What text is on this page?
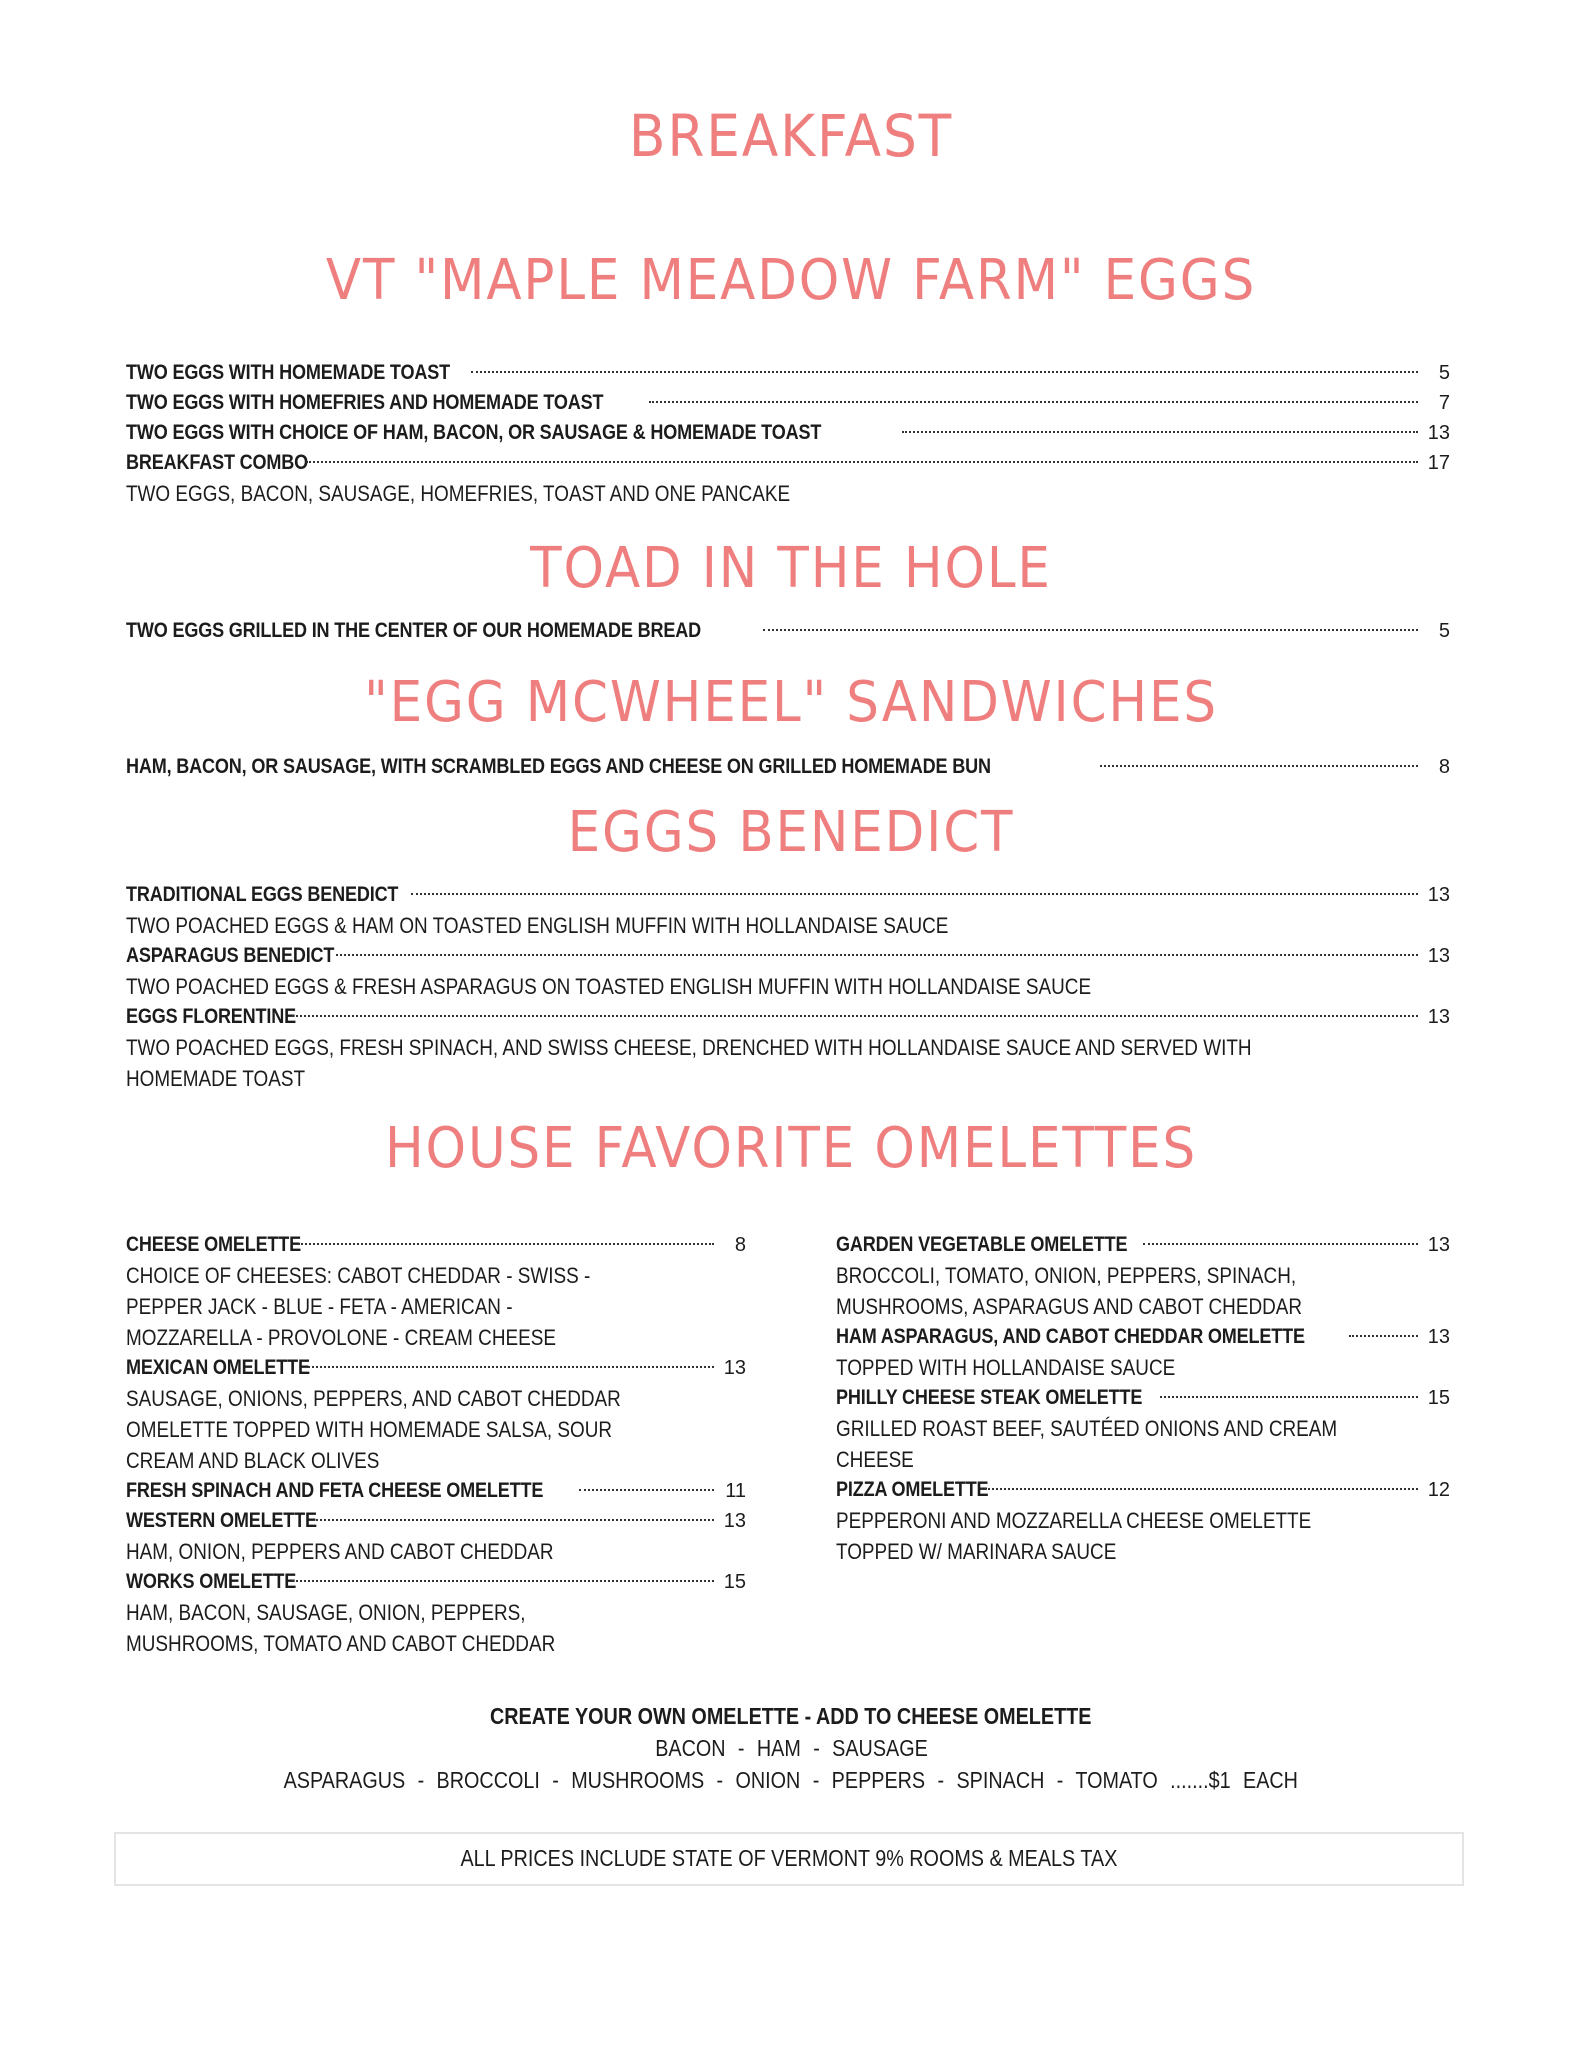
BREAKFAST
VT "MAPLE MEADOW FARM" EGGS
TWO EGGS WITH HOMEMADE TOAST	5
TWO EGGS WITH HOMEFRIES AND HOMEMADE TOAST	7
TWO EGGS WITH CHOICE OF HAM, BACON, OR SAUSAGE & HOMEMADE TOAST	13
BREAKFAST COMBO	17
TWO EGGS, BACON, SAUSAGE, HOMEFRIES, TOAST AND ONE PANCAKE
TOAD IN THE HOLE
TWO EGGS GRILLED IN THE CENTER OF OUR HOMEMADE BREAD	5
"EGG MCWHEEL" SANDWICHES
HAM, BACON, OR SAUSAGE, WITH SCRAMBLED EGGS AND CHEESE ON GRILLED HOMEMADE BUN	8
EGGS BENEDICT
TRADITIONAL EGGS BENEDICT	13
TWO POACHED EGGS & HAM ON TOASTED ENGLISH MUFFIN WITH HOLLANDAISE SAUCE
ASPARAGUS BENEDICT	13
TWO POACHED EGGS & FRESH ASPARAGUS ON TOASTED ENGLISH MUFFIN WITH HOLLANDAISE SAUCE
EGGS FLORENTINE	13
TWO POACHED EGGS, FRESH SPINACH, AND SWISS CHEESE, DRENCHED WITH HOLLANDAISE SAUCE AND SERVED WITH
HOMEMADE TOAST
HOUSE FAVORITE OMELETTES
CHEESE OMELETTE	8
CHOICE OF CHEESES: CABOT CHEDDAR - SWISS -
PEPPER JACK - BLUE - FETA - AMERICAN -
MOZZARELLA - PROVOLONE - CREAM CHEESE
MEXICAN OMELETTE	13
SAUSAGE, ONIONS, PEPPERS, AND CABOT CHEDDAR
OMELETTE TOPPED WITH HOMEMADE SALSA, SOUR
CREAM AND BLACK OLIVES
FRESH SPINACH AND FETA CHEESE OMELETTE	11
WESTERN OMELETTE	13
HAM, ONION, PEPPERS AND CABOT CHEDDAR
WORKS OMELETTE	15
HAM, BACON, SAUSAGE, ONION, PEPPERS,
MUSHROOMS, TOMATO AND CABOT CHEDDAR
GARDEN VEGETABLE OMELETTE	13
BROCCOLI, TOMATO, ONION, PEPPERS, SPINACH,
MUSHROOMS, ASPARAGUS AND CABOT CHEDDAR
HAM ASPARAGUS, AND CABOT CHEDDAR OMELETTE	13
TOPPED WITH HOLLANDAISE SAUCE
PHILLY CHEESE STEAK OMELETTE	15
GRILLED ROAST BEEF, SAUTÉED ONIONS AND CREAM
CHEESE
PIZZA OMELETTE	12
PEPPERONI AND MOZZARELLA CHEESE OMELETTE
TOPPED W/ MARINARA SAUCE
CREATE YOUR OWN OMELETTE - ADD TO CHEESE OMELETTE
BACON - HAM - SAUSAGE
ASPARAGUS - BROCCOLI - MUSHROOMS - ONION - PEPPERS - SPINACH - TOMATO .......$1 EACH
ALL PRICES INCLUDE STATE OF VERMONT 9% ROOMS & MEALS TAX
